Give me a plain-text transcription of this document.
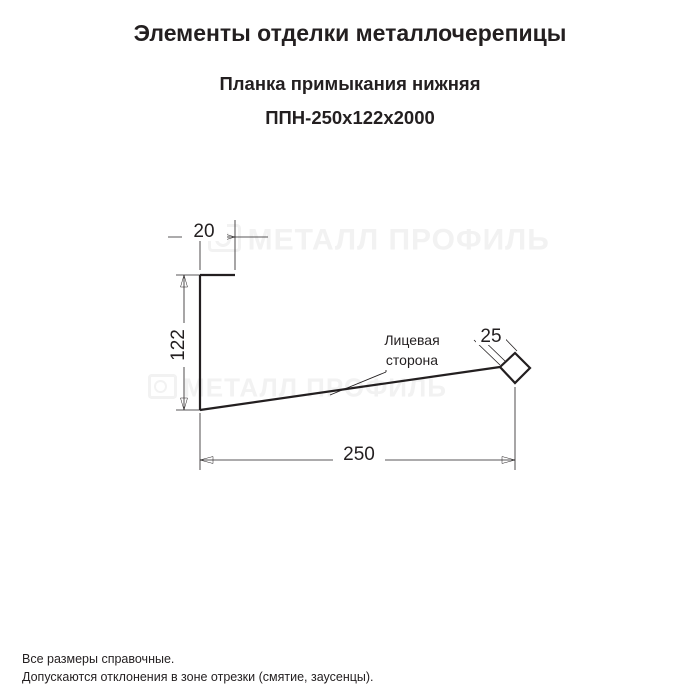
Элементы отделки металлочерепицы
Планка примыкания нижняя
ППН-250х122х2000
МЕТАЛЛ ПРОФИЛЬ
МЕТАЛЛ ПРОФИЛЬ
20
122	25
250
Лицевая
сторона
Все размеры справочные.
Допускаются отклонения в зоне отрезки (смятие, заусенцы).
